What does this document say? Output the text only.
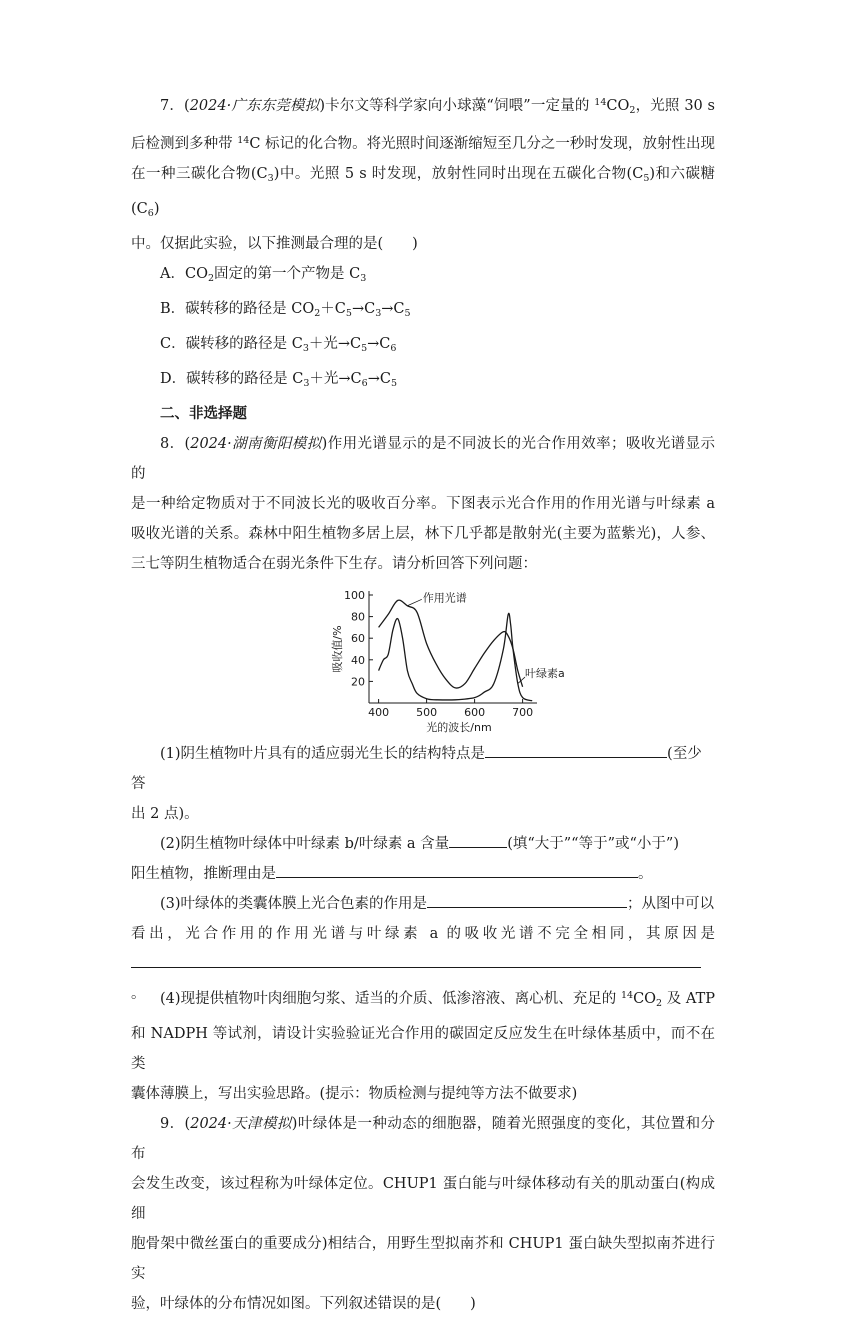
7．(2024·广东东莞模拟)卡尔文等科学家向小球藻“饲喂”一定量的 $^{14}CO_2$，光照 30 s

后检测到多种带 $^{14}$C 标记的化合物。将光照时间逐渐缩短至几分之一秒时发现，放射性出现

在一种三碳化合物$(C_3)$中。光照 5 s 时发现，放射性同时出现在五碳化合物$(C_5)$和六碳糖$(C_6)$

中。仅据此实验，以下推测最合理的是(　　)

A．$CO_2$固定的第一个产物是 $C_3$

B．碳转移的路径是 $CO_2+C_5\to C_3\to C_5$

C．碳转移的路径是 $C_3+$光$\to C_5\to C_6$

D．碳转移的路径是 $C_3+$光$\to C_6\to C_5$

二、非选择题

8．(2024·湖南衡阳模拟)作用光谱显示的是不同波长的光合作用效率；吸收光谱显示的

是一种给定物质对于不同波长光的吸收百分率。下图表示光合作用的作用光谱与叶绿素 a

吸收光谱的关系。森林中阳生植物多居上层，林下几乎都是散射光(主要为蓝紫光)，人参、

三七等阴生植物适合在弱光条件下生存。请分析回答下列问题：

20
40
60
80
100
400 500 600 700
光的波长/nm
吸收值/%
作用光谱
叶绿素a

(1)阴生植物叶片具有的适应弱光生长的结构特点是	(至少答

出 2 点)。

(2)阴生植物叶绿体中叶绿素 b/叶绿素 a 含量	(填“大于”“等于”或“小于”)

阳生植物，推断理由是	。

(3)叶绿体的类囊体膜上光合色素的作用是	；从图中可以

看出，光合作用的作用光谱与叶绿素 a 的吸收光谱不完全相同，其原因是

。	(4)现提供植物叶肉细胞匀浆、适当的介质、低渗溶液、离心机、充足的 $^{14}CO_2$ 及 ATP

和 NADPH 等试剂，请设计实验验证光合作用的碳固定反应发生在叶绿体基质中，而不在类

囊体薄膜上，写出实验思路。(提示：物质检测与提纯等方法不做要求)

9．(2024·天津模拟)叶绿体是一种动态的细胞器，随着光照强度的变化，其位置和分布

会发生改变，该过程称为叶绿体定位。CHUP1 蛋白能与叶绿体移动有关的肌动蛋白(构成细

胞骨架中微丝蛋白的重要成分)相结合，用野生型拟南芥和 CHUP1 蛋白缺失型拟南芥进行实

验，叶绿体的分布情况如图。下列叙述错误的是(　　)
